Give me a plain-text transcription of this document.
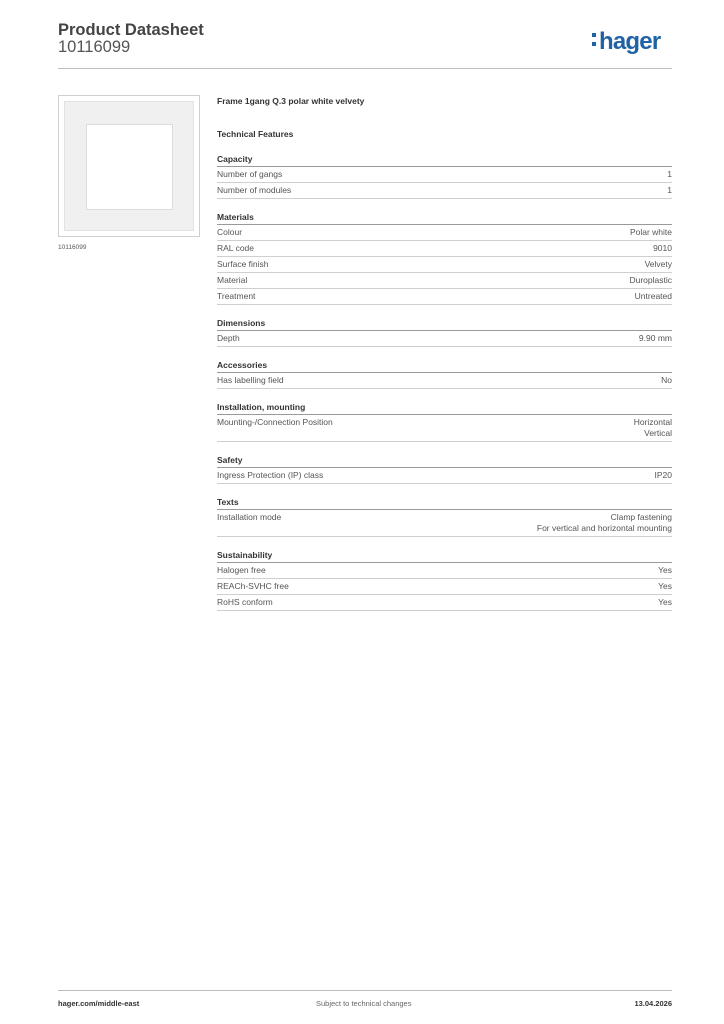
Product Datasheet
10116099	hager
10116099
Frame 1gang Q.3 polar white velvety
Technical Features
Capacity
Number of gangs	1
Number of modules	1
Materials
Colour	Polar white
RAL code	9010
Surface finish	Velvety
Material	Duroplastic
Treatment	Untreated
Dimensions
Depth	9.90 mm
Accessories
Has labelling field	No
Installation, mounting
Mounting-/Connection Position	Horizontal
Vertical
Safety
Ingress Protection (IP) class	IP20
Texts
Installation mode	Clamp fastening
For vertical and horizontal mounting
Sustainability
Halogen free	Yes
REACh-SVHC free	Yes
RoHS conform	Yes
hager.com/middle-east	Subject to technical changes	13.04.2026
